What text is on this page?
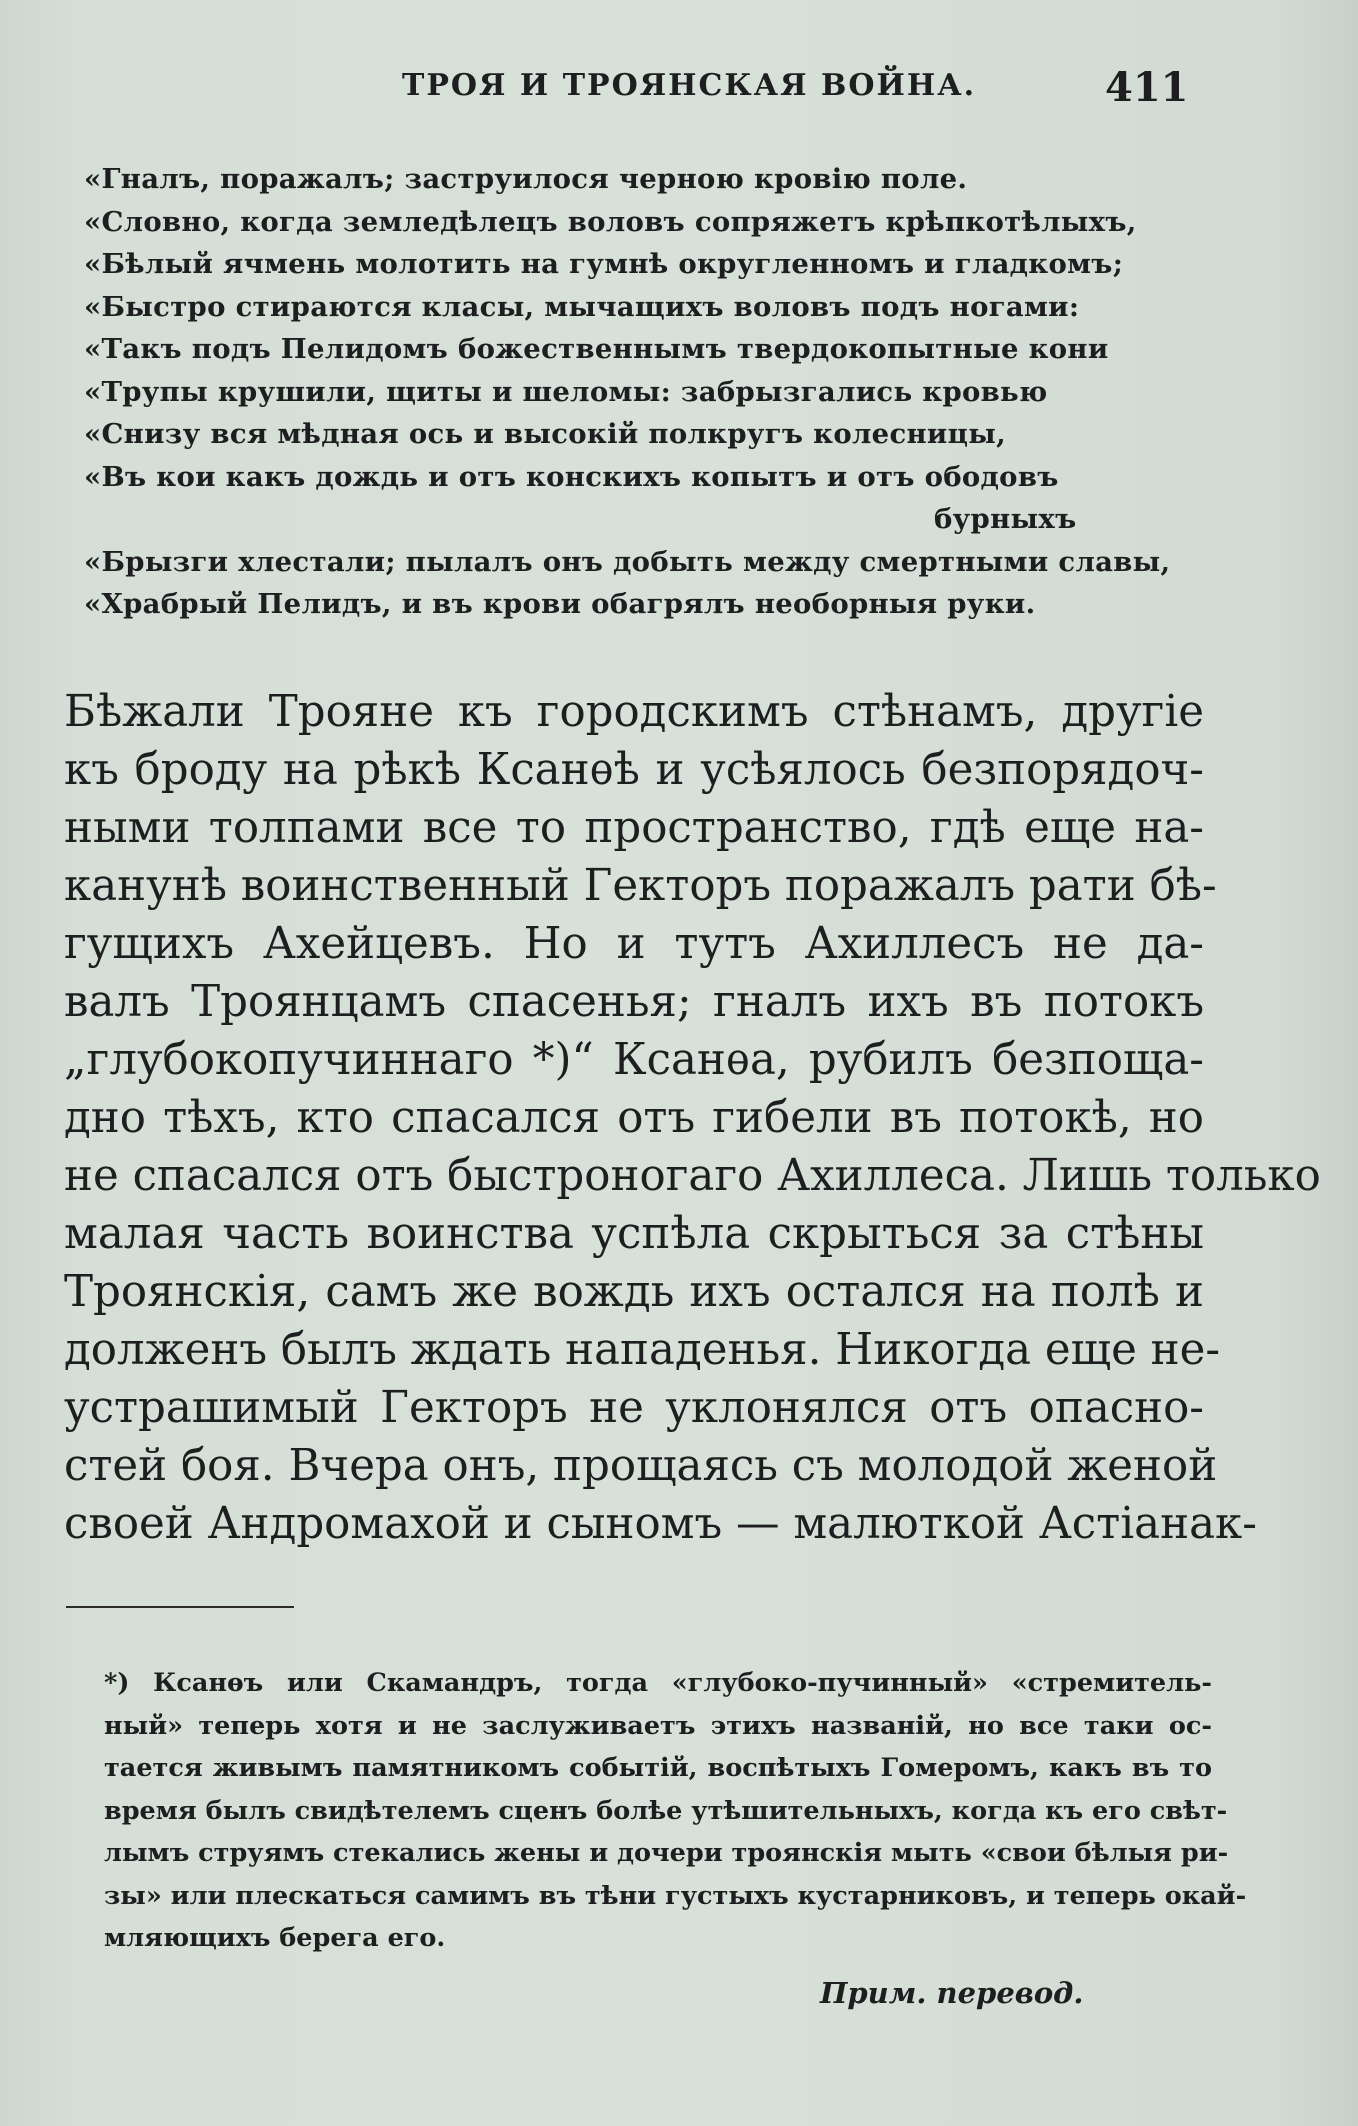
ТРОЯ И ТРОЯНСКАЯ ВОЙНА.	411
«Гналъ, поражалъ; заструилося черною кровію поле.
«Словно, когда земледѣлецъ воловъ сопряжетъ крѣпкотѣлыхъ,
«Бѣлый ячмень молотить на гумнѣ округленномъ и гладкомъ;
«Быстро стираются класы, мычащихъ воловъ подъ ногами:
«Такъ подъ Пелидомъ божественнымъ твердокопытные кони
«Трупы крушили, щиты и шеломы: забрызгались кровью
«Снизу вся мѣдная ось и высокій полкругъ колесницы,
«Въ кои какъ дождь и отъ конскихъ копытъ и отъ ободовъ
бурныхъ
«Брызги хлестали; пылалъ онъ добыть между смертными славы,
«Храбрый Пелидъ, и въ крови обагрялъ необорныя руки.
Бѣжали Трояне къ городскимъ стѣнамъ, другіе
къ броду на рѣкѣ Ксанѳѣ и усѣялось безпорядоч-
ными толпами все то пространство, гдѣ еще на-
канунѣ воинственный Гекторъ поражалъ рати бѣ-
гущихъ Ахейцевъ. Но и тутъ Ахиллесъ не да-
валъ Троянцамъ спасенья; гналъ ихъ въ потокъ
„глубокопучиннаго *)“ Ксанѳа, рубилъ безпоща-
дно тѣхъ, кто спасался отъ гибели въ потокѣ, но
не спасался отъ быстроногаго Ахиллеса. Лишь только
малая часть воинства успѣла скрыться за стѣны
Троянскія, самъ же вождь ихъ остался на полѣ и
долженъ былъ ждать нападенья. Никогда еще не-
устрашимый Гекторъ не уклонялся отъ опасно-
стей боя. Вчера онъ, прощаясь съ молодой женой
своей Андромахой и сыномъ — малюткой Астіанак-
*) Ксанѳъ или Скамандръ, тогда «глубоко-пучинный» «стремитель-
ный» теперь хотя и не заслуживаетъ этихъ названій, но все таки ос-
тается живымъ памятникомъ событій, воспѣтыхъ Гомеромъ, какъ въ то
время былъ свидѣтелемъ сценъ болѣе утѣшительныхъ, когда къ его свѣт-
лымъ струямъ стекались жены и дочери троянскія мыть «свои бѣлыя ри-
зы» или плескаться самимъ въ тѣни густыхъ кустарниковъ, и теперь окай-
мляющихъ берега его.
Прим. перевод.
